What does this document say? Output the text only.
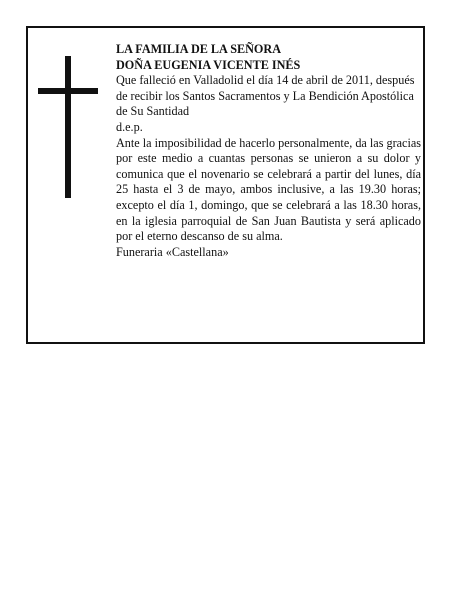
LA FAMILIA DE LA SEÑORA

DOÑA EUGENIA VICENTE INÉS

Que falleció en Valladolid el día 14 de abril de 2011, después de recibir los Santos Sacramentos y La Bendición Apostólica de Su Santidad

d.e.p.

Ante la imposibilidad de hacerlo personalmente, da las gracias por este medio a cuantas personas se unieron a su dolor y comunica que el novenario se celebrará a partir del lunes, día 25 hasta el 3 de mayo, ambos inclusive, a las 19.30 horas; excepto el día 1, domingo, que se celebrará a las 18.30 horas, en la iglesia parroquial de San Juan Bautista y será aplicado por el eterno descanso de su alma.

Funeraria «Castellana»
